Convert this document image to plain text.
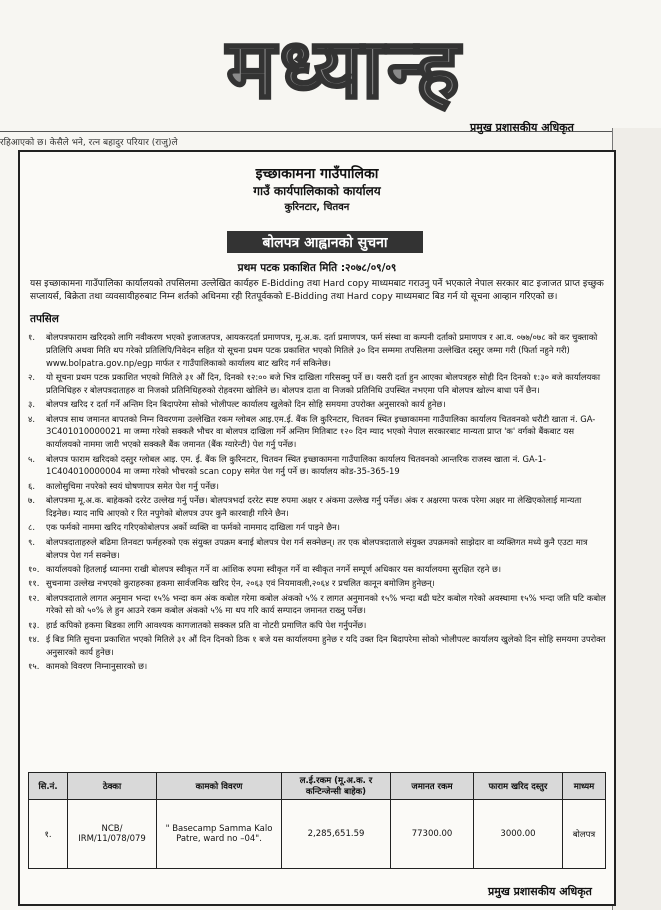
मध्यान्ह
रहिआएको छ। केसैले भने, रत्न बहादुर परियार (राजु)ले
प्रमुख प्रशासकीय अधिकृत
इच्छाकामना गाउँपालिका
गाउँ कार्यपालिकाको कार्यालय
कुरिनटार, चितवन
बोलपत्र आह्वानको सुचना
प्रथम पटक प्रकाशित मिति :२०७८/०९/०९
यस इच्छाकामना गाउँपालिका कार्यालयको तपसिलमा उल्लेखित कार्यहरु E-Bidding तथा Hard copy माध्यमबाट गराउनु पर्ने भएकाले नेपाल सरकार बाट इजाजत प्राप्त इच्छुक सप्लायर्स, बिक्रेता तथा व्यवसायीहरुबाट निम्न शर्तको अधिनमा रही रितपूर्वकको E-Bidding तथा Hard copy माध्यमबाट बिड गर्न यो सूचना आव्हान गरिएको छ।
तपसिल
१.	बोलपत्रफाराम खरिदको लागि नवीकरण भएको इजाजतपत्र, आयकरदर्ता प्रमाणपत्र, मू.अ.क. दर्ता प्रमाणपत्र, फर्म संस्था वा कम्पनी दर्ताको प्रमाणपत्र र आ.व. ०७७/०७८ को कर चुक्ताको प्रतिलिपि अथवा मिति थप गरेको प्रतिलिपि/निवेदन सहित यो सूचना प्रथम पटक प्रकाशित भएको मितिले ३० दिन सम्ममा तपसिलमा उल्लेखित दस्तुर जम्मा गरी (फिर्ता नहुने गरी) www.bolpatra.gov.np/egp मार्फत र गाउँपालिकाको कार्यालय बाट खरिद गर्न सकिनेछ।
२.	यो सूचना प्रथम पटक प्रकाशित भएको मितिले ३१ औं दिन, दिनको १२:०० बजे भित्र दाखिला गरिसक्नु पर्ने छ। यसरी दर्ता हुन आएका बोलपत्रहरु सोही दिन दिनको १:३० बजे कार्यालयका प्रतिनिधिहरु र बोलपत्रदाताहरु वा निजको प्रतिनिधिहरुको रोहवरमा खोलिने छ। बोलपत्र दाता वा निजको प्रतिनिधि उपस्थित नभएमा पनि बोलपत्र खोल्न बाधा पर्ने छैन।
३.	बोलपत्र खरिद र दर्ता गर्ने अन्तिम दिन बिदापरेमा सोको भोलीपल्ट कार्यालय खुलेको दिन सोहि समयमा उपरोक्त अनुसारको कार्य हुनेछ।
४.	बोलपत्र साथ जमानत बापतको निम्न विवरणमा उल्लेखित रकम ग्लोबल आइ.एम.ई. बैंक लि कुरिनटार, चितवन स्थित इच्छाकामना गाउँपालिका कार्यालय चितवनको धरौटी खाता नं. GA-3C401010000021 मा जम्मा गरेको सक्कलै भौचर वा बोलपत्र दाखिला गर्ने अन्तिम मितिबाट १२० दिन म्याद भएको नेपाल सरकारबाट मान्यता प्राप्त 'क' वर्गको बैंकबाट यस कार्यालयको नाममा जारी भएको सक्कलै बैंक जमानत (बैंक ग्यारेन्टी) पेश गर्नु पर्नेछ।
५.	बोलपत्र फाराम खरिदको दस्तुर ग्लोबल आइ. एम. ई. बैंक लि कुरिनटार, चितवन स्थित इच्छाकामना गाउँपालिका कार्यालय चितवनको आन्तरिक राजस्व खाता नं. GA-1-1C404010000004 मा जम्मा गरेको भौचरको scan copy समेत पेश गर्नु पर्ने छ। कार्यालय कोड-35-365-19
६.	कालोसुचिमा नपरेको स्वयं घोषणापत्र समेत पेश गर्नु पर्नेछ।
७.	बोलपत्रमा मू.अ.क. बाहेकको दररेट उल्लेख गर्नु पर्नेछ। बोलपत्रभर्दा दररेट स्पष्ट रुपमा अक्षर र अंकमा उल्लेख गर्नु पर्नेछ। अंक र अक्षरमा फरक परेमा अक्षर मा लेखिएकोलाई मान्यता दिइनेछ। म्याद नाघि आएको र रित नपुगेको बोलपत्र उपर कुनै कारवाही गरिने छैन।
८.	एक फर्मको नाममा खरिद गरिएकोबोलपत्र अर्को व्यक्ति वा फर्मको नाममाद दाखिला गर्न पाइने छैन।
९.	बोलपत्रदाताहरुले बढिमा तिनवटा फर्महरुको एक संयुक्त उपक्रम बनाई बोलपत्र पेश गर्न सक्नेछन्। तर एक बोलपत्रदाताले संयुक्त उपक्रमको साझेदार वा व्यक्तिगत मध्ये कुनै एउटा मात्र बोलपत्र पेश गर्न सक्नेछ।
१०. कार्यालयको हितलाई ध्यानमा राखी बोलपत्र स्वीकृत गर्ने वा आंशिक रुपमा स्वीकृत गर्ने वा स्वीकृत नगर्ने सम्पूर्ण अधिकार यस कार्यालयमा सुरक्षित रहने छ।
११. सुचनामा उल्लेख नभएको कुराहरुका हकमा सार्वजनिक खरिद ऐन, २०६३ एवं नियमावली,२०६४ र प्रचलित कानून बमोजिम हुनेछन्।
१२. बोलपत्रदाताले लागत अनुमान भन्दा १५% भन्दा कम अंक कबोल गरेमा कबोल अंकको ५% र लागत अनुमानको १५% भन्दा बढी घटेर कबोल गरेको अवस्थामा १५% भन्दा जति घटि कबोल गरेको सो को ५०% ले हुन आउने रकम कबोल अंकको ५% मा थप गरि कार्य सम्पादन जमानत राख्नु पर्नेछ।
१३. हार्ड कपिको हकमा बिडका लागि आवश्यक कागजातको सक्कल प्रति वा नोटरी प्रमाणित कपि पेश गर्नुपर्नेछ।
१४. ई बिड मिति सुचना प्रकाशित भएको मितिले ३१ औं दिन दिनको ठिक १ बजे यस कार्यालयमा हुनेछ र यदि उक्त दिन बिदापरेमा सोको भोलीपल्ट कार्यालय खुलेको दिन सोहि समयमा उपरोक्त अनुसारको कार्य हुनेछ।
१५. कामको विवरण निम्नानुसारको छ।
सि.नं.	ठेक्का	कामको विवरण	ल.ई.रकम (मू.अ.क. र कन्टिन्जेन्सी बाहेक)	जमानत रकम	फाराम खरिद दस्तुर	माध्यम
१.	NCB/ IRM/11/078/079	" Basecamp Samma Kalo Patre, ward no –04".	2,285,651.59	77300.00	3000.00	बोलपत्र
प्रमुख प्रशासकीय अधिकृत
